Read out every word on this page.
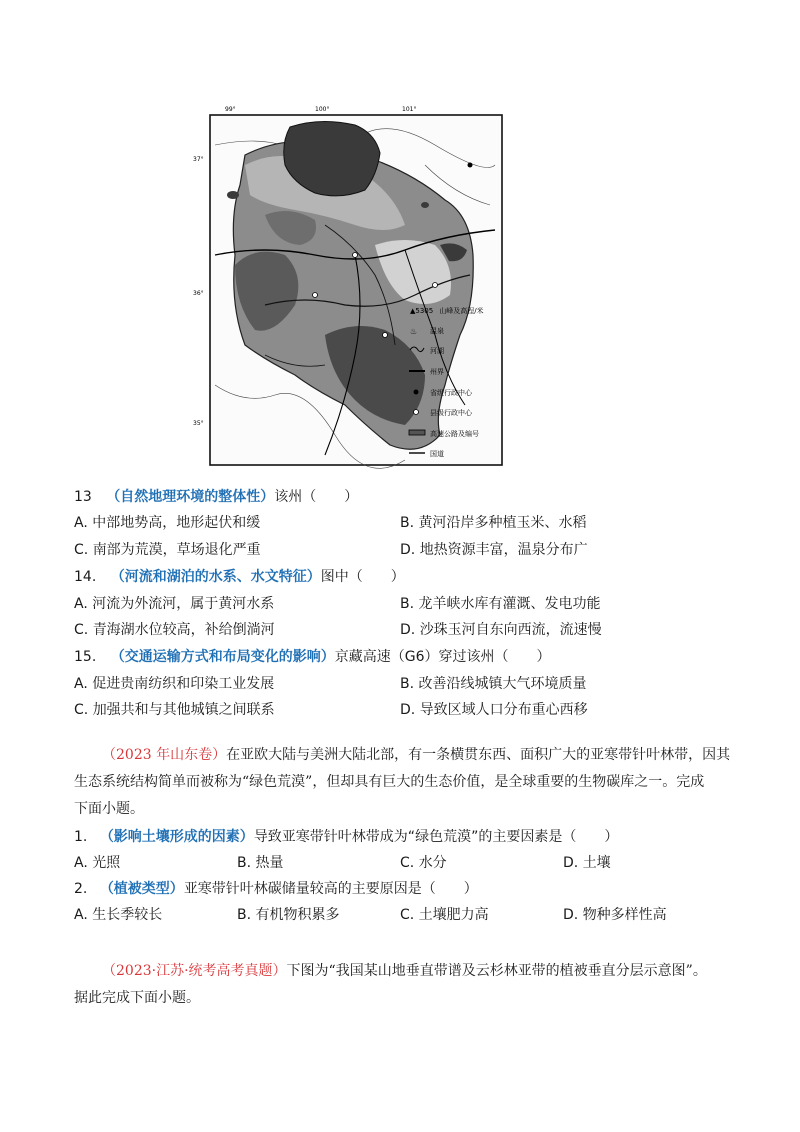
99°	100°	101°
37°
36°
35°
▲5305 山峰及高程/米
♨ 温泉
河湖
州界
省级行政中心
县级行政中心
高速公路及编号
国道
13 （自然地理环境的整体性）该州（　　）
A. 中部地势高，地形起伏和缓	B. 黄河沿岸多种植玉米、水稻
C. 南部为荒漠，草场退化严重	D. 地热资源丰富，温泉分布广
14. （河流和湖泊的水系、水文特征）图中（　　）
A. 河流为外流河，属于黄河水系	B. 龙羊峡水库有灌溉、发电功能
C. 青海湖水位较高，补给倒淌河	D. 沙珠玉河自东向西流，流速慢
15. （交通运输方式和布局变化的影响）京藏高速（G6）穿过该州（　　）
A. 促进贵南纺织和印染工业发展	B. 改善沿线城镇大气环境质量
C. 加强共和与其他城镇之间联系	D. 导致区域人口分布重心西移
（2023 年山东卷）在亚欧大陆与美洲大陆北部，有一条横贯东西、面积广大的亚寒带针叶林带，因其
生态系统结构简单而被称为“绿色荒漠”，但却具有巨大的生态价值，是全球重要的生物碳库之一。完成
下面小题。
1. （影响土壤形成的因素）导致亚寒带针叶林带成为“绿色荒漠”的主要因素是（　　）
A. 光照	B. 热量	C. 水分	D. 土壤
2. （植被类型）亚寒带针叶林碳储量较高的主要原因是（　　）
A. 生长季较长	B. 有机物积累多	C. 土壤肥力高	D. 物种多样性高
（2023·江苏·统考高考真题）下图为“我国某山地垂直带谱及云杉林亚带的植被垂直分层示意图”。
据此完成下面小题。
